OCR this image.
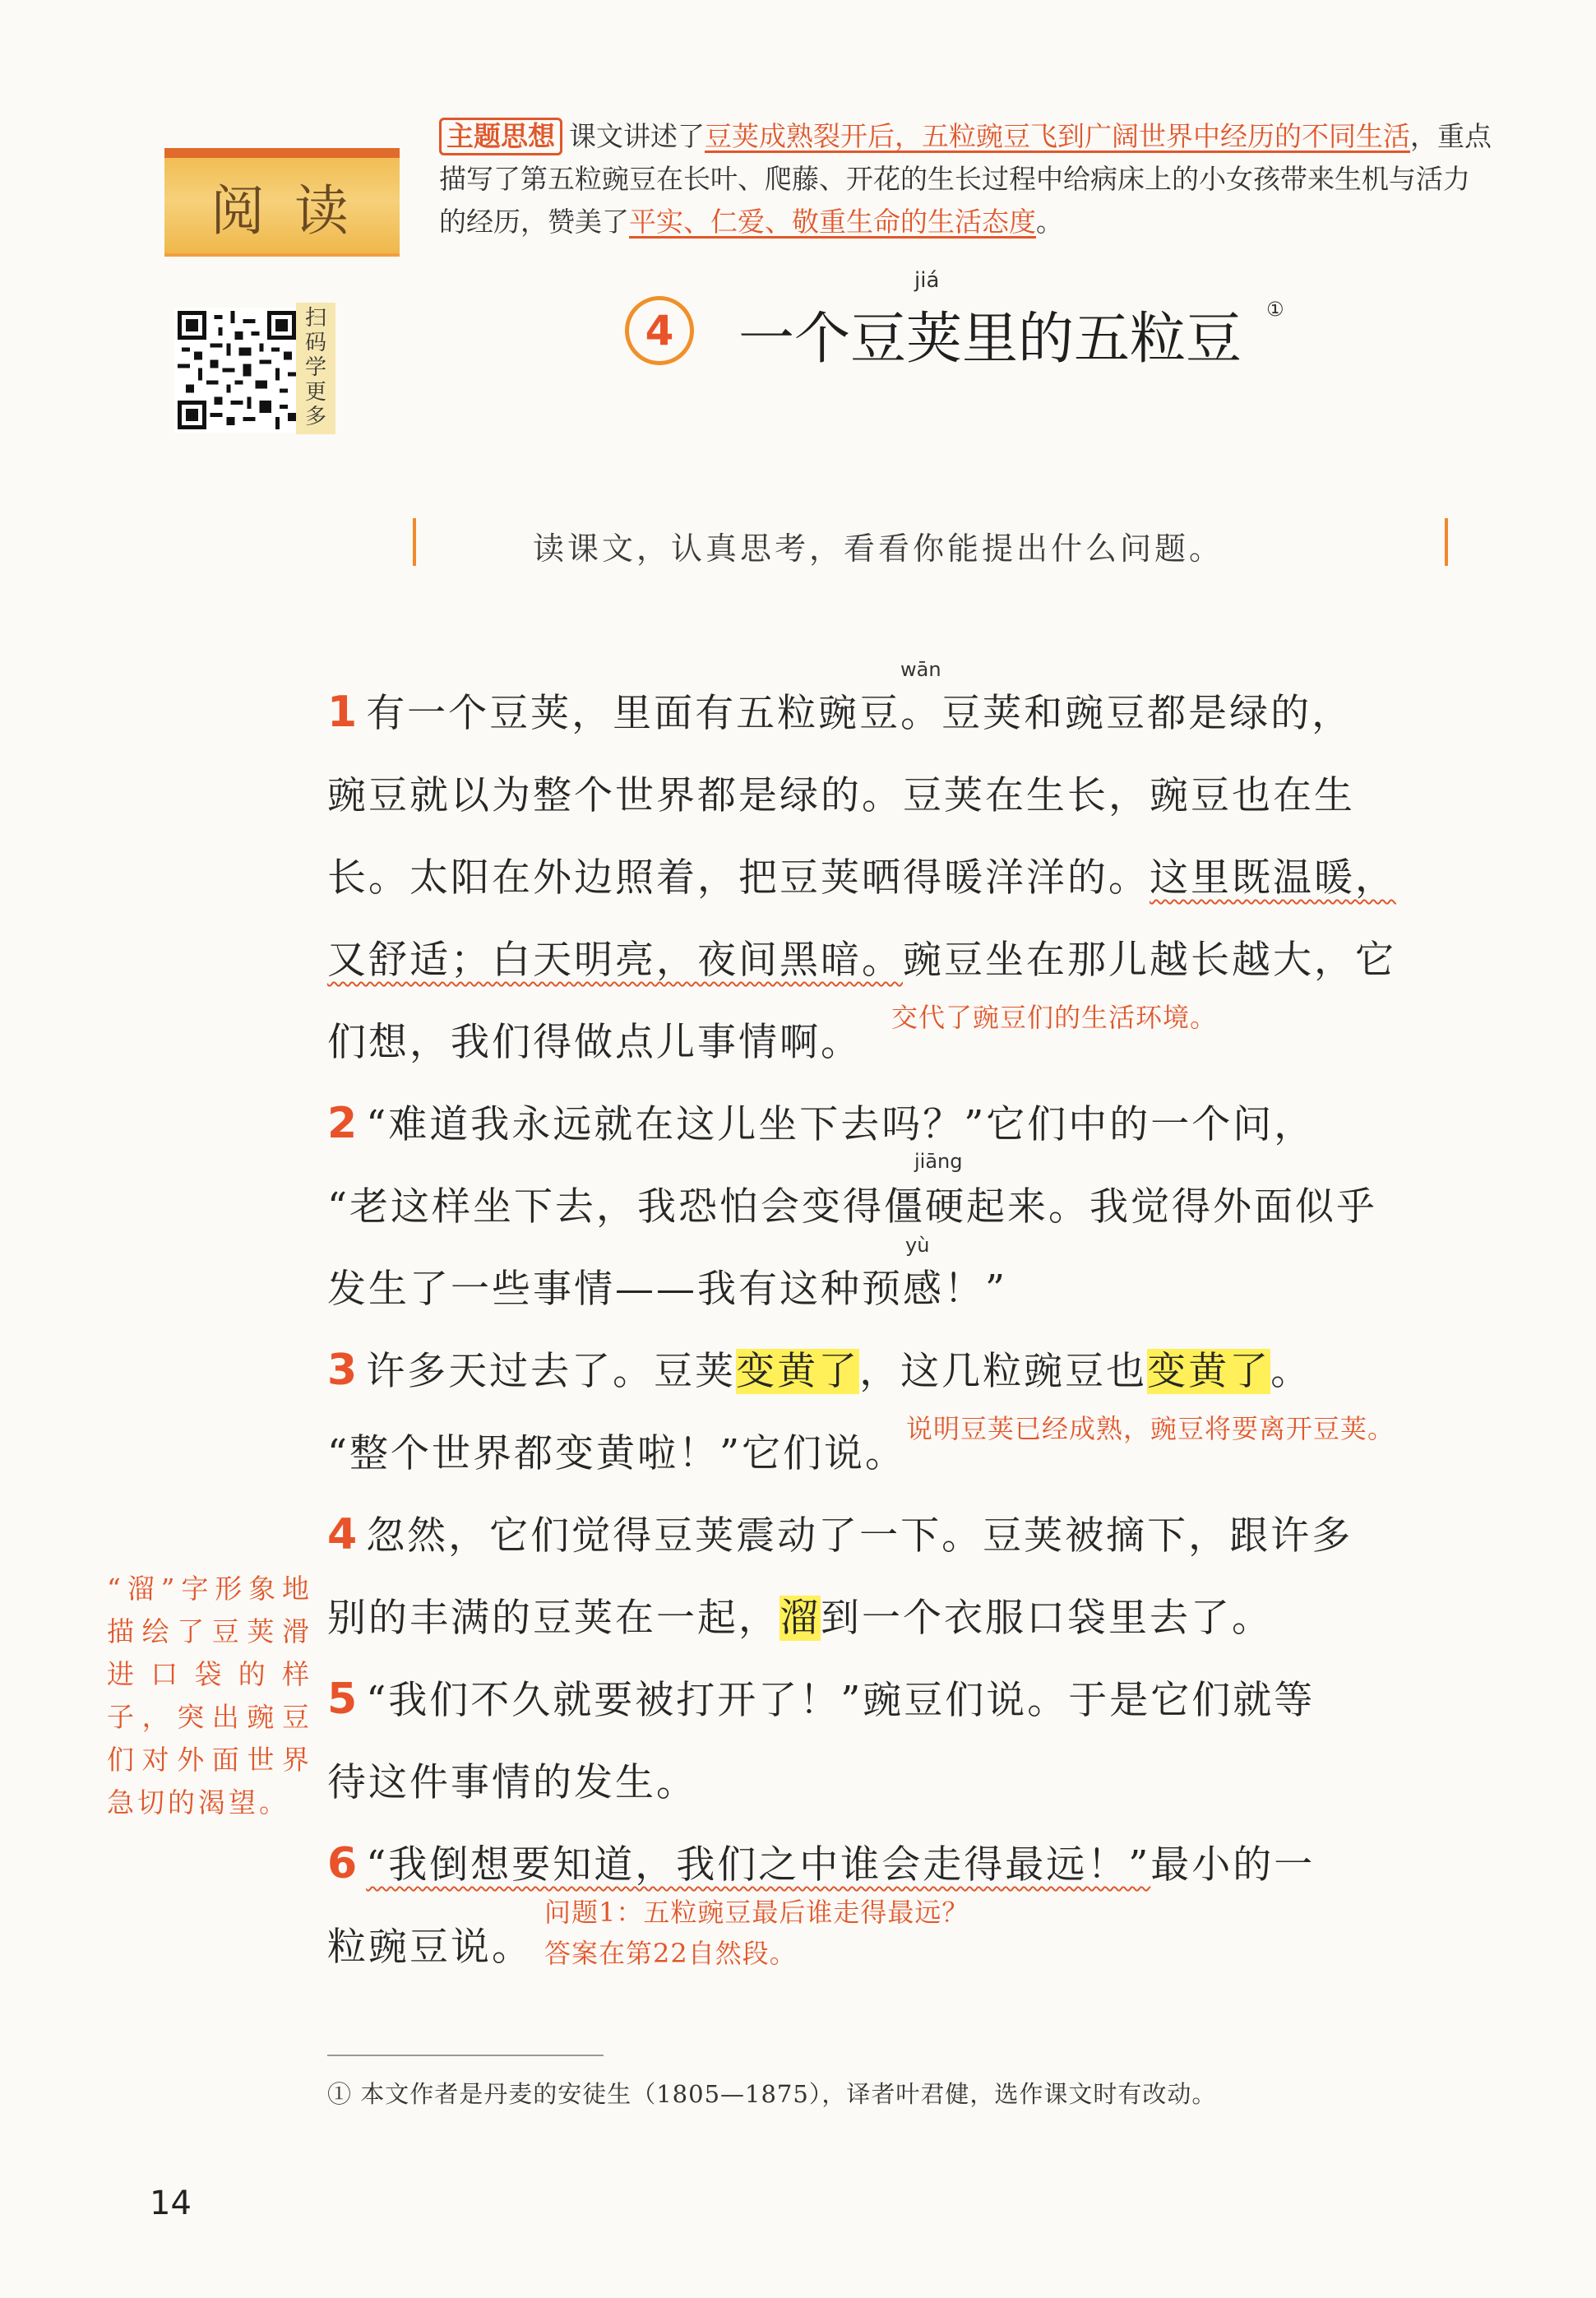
阅读
主题思想 课文讲述了豆荚成熟裂开后，五粒豌豆飞到广阔世界中经历的不同生活，重点描写了第五粒豌豆在长叶、爬藤、开花的生长过程中给病床上的小女孩带来生机与活力的经历，赞美了平实、仁爱、敬重生命的生活态度。
扫码学更多
4
jiá
一个豆荚里的五粒豆 ①
读课文，认真思考，看看你能提出什么问题。
wān
jiāng
yù
1 有一个豆荚，里面有五粒豌豆。豆荚和豌豆都是绿的，
豌豆就以为整个世界都是绿的。豆荚在生长，豌豆也在生
长。太阳在外边照着，把豆荚晒得暖洋洋的。这里既温暖，
又舒适；白天明亮，夜间黑暗。豌豆坐在那儿越长越大，它
们想，我们得做点儿事情啊。
交代了豌豆们的生活环境。
2 “难道我永远就在这儿坐下去吗？”它们中的一个问，
“老这样坐下去，我恐怕会变得僵硬起来。我觉得外面似乎
发生了一些事情——我有这种预感！”
3 许多天过去了。豆荚变黄了，这几粒豌豆也变黄了。
“整个世界都变黄啦！”它们说。
说明豆荚已经成熟，豌豆将要离开豆荚。
4 忽然，它们觉得豆荚震动了一下。豆荚被摘下，跟许多
别的丰满的豆荚在一起，溜到一个衣服口袋里去了。
“溜”字形象地描绘了豆荚滑进口袋的样子，突出豌豆们对外面世界急切的渴望。
5 “我们不久就要被打开了！”豌豆们说。于是它们就等
待这件事情的发生。
6 “我倒想要知道，我们之中谁会走得最远！”最小的一
粒豌豆说。
问题1：五粒豌豆最后谁走得最远？
答案在第22自然段。
① 本文作者是丹麦的安徒生（1805—1875），译者叶君健，选作课文时有改动。
14
